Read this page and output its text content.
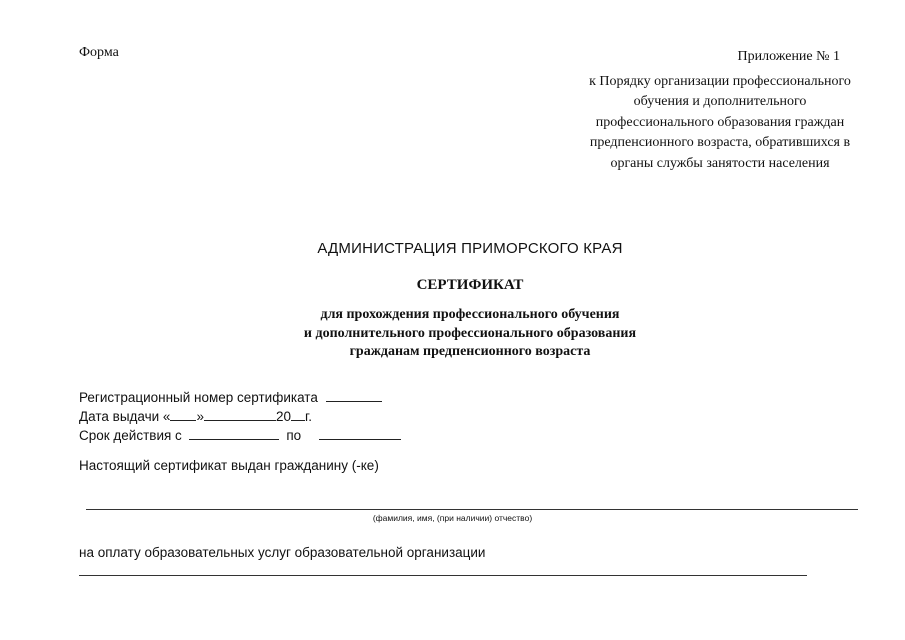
Форма	Приложение № 1
к Порядку организации профессионального
обучения и дополнительного
профессионального образования граждан
предпенсионного возраста, обратившихся в
органы службы занятости населения
АДМИНИСТРАЦИЯ ПРИМОРСКОГО КРАЯ
СЕРТИФИКАТ
для прохождения профессионального обучения
и дополнительного профессионального образования
гражданам предпенсионного возраста
Регистрационный номер сертификата
Дата выдачи « »	20 г.
Срок действия с	по
Настоящий сертификат выдан гражданину (-ке)
(фамилия, имя, (при наличии) отчество)
на оплату образовательных услуг образовательной организации
